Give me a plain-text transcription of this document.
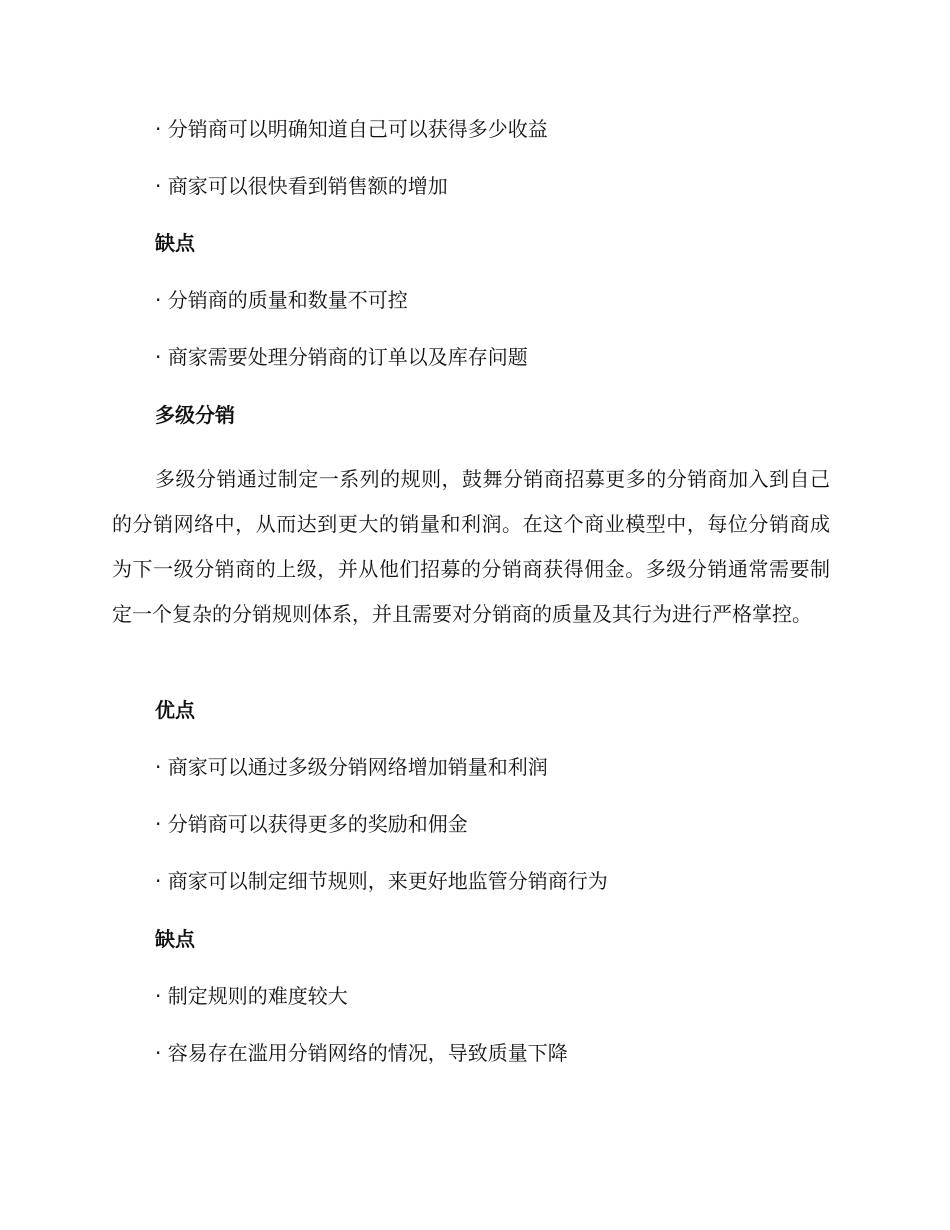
· 分销商可以明确知道自己可以获得多少收益
· 商家可以很快看到销售额的增加
缺点
· 分销商的质量和数量不可控
· 商家需要处理分销商的订单以及库存问题
多级分销

多级分销通过制定一系列的规则，鼓舞分销商招募更多的分销商加入到自己的分销网络中，从而达到更大的销量和利润。在这个商业模型中，每位分销商成为下一级分销商的上级，并从他们招募的分销商获得佣金。多级分销通常需要制定一个复杂的分销规则体系，并且需要对分销商的质量及其行为进行严格掌控。

优点
· 商家可以通过多级分销网络增加销量和利润
· 分销商可以获得更多的奖励和佣金
· 商家可以制定细节规则，来更好地监管分销商行为
缺点
· 制定规则的难度较大
· 容易存在滥用分销网络的情况，导致质量下降
